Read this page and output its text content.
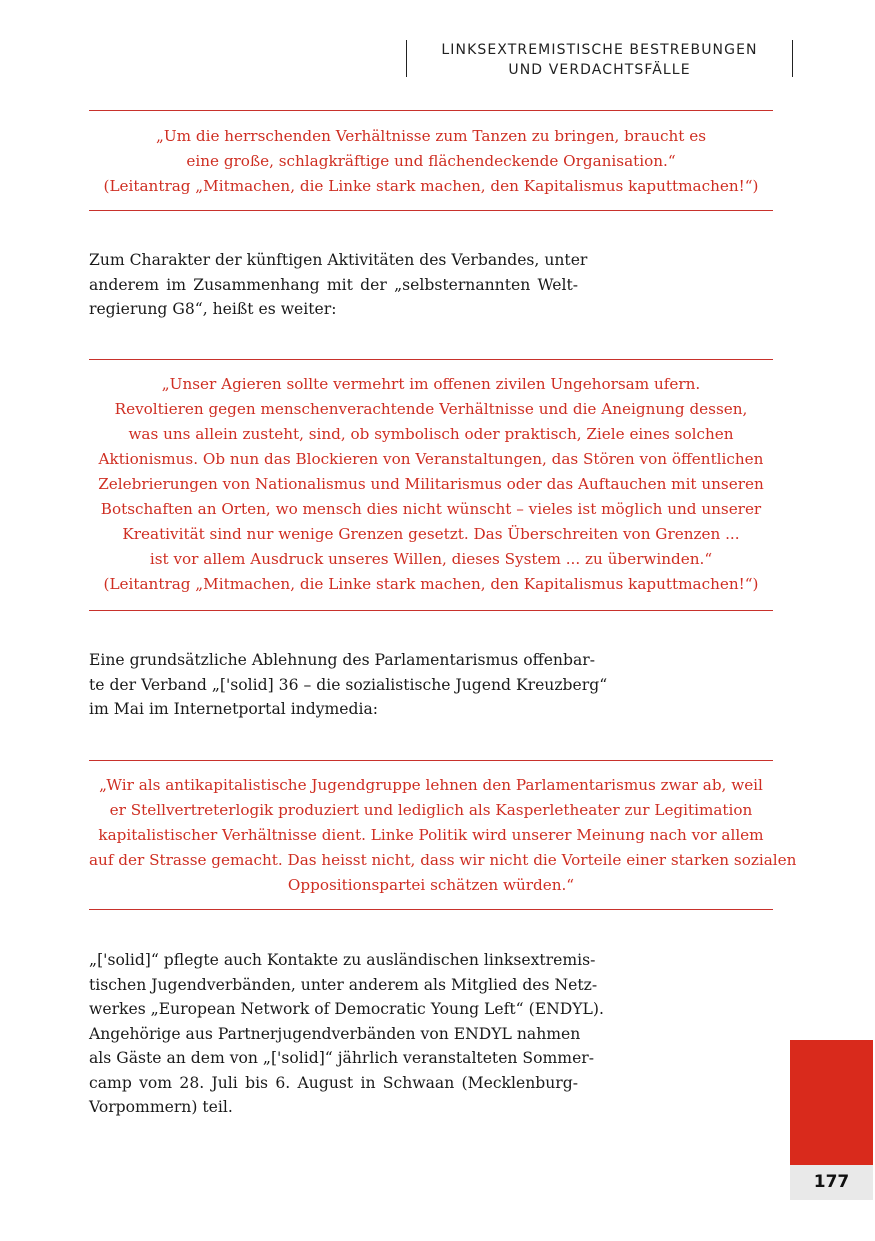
LINKSEXTREMISTISCHE BESTREBUNGEN
UND VERDACHTSFÄLLE
„Um die herrschenden Verhältnisse zum Tanzen zu bringen, braucht es
eine große, schlagkräftige und flächendeckende Organisation.“
(Leitantrag „Mitmachen, die Linke stark machen, den Kapitalismus kaputtmachen!“)
Zum Charakter der künftigen Aktivitäten des Verbandes, unter
anderem im Zusammenhang mit der „selbsternannten Welt-
regierung G8“, heißt es weiter:
„Unser Agieren sollte vermehrt im offenen zivilen Ungehorsam ufern.
Revoltieren gegen menschenverachtende Verhältnisse und die Aneignung dessen,
was uns allein zusteht, sind, ob symbolisch oder praktisch, Ziele eines solchen
Aktionismus. Ob nun das Blockieren von Veranstaltungen, das Stören von öffentlichen
Zelebrierungen von Nationalismus und Militarismus oder das Auftauchen mit unseren
Botschaften an Orten, wo mensch dies nicht wünscht – vieles ist möglich und unserer
Kreativität sind nur wenige Grenzen gesetzt. Das Überschreiten von Grenzen ...
ist vor allem Ausdruck unseres Willen, dieses System ... zu überwinden.“
(Leitantrag „Mitmachen, die Linke stark machen, den Kapitalismus kaputtmachen!“)
Eine grundsätzliche Ablehnung des Parlamentarismus offenbar-
te der Verband „['solid] 36 – die sozialistische Jugend Kreuzberg“
im Mai im Internetportal indymedia:
„Wir als antikapitalistische Jugendgruppe lehnen den Parlamentarismus zwar ab, weil
er Stellvertreterlogik produziert und lediglich als Kasperletheater zur Legitimation
kapitalistischer Verhältnisse dient. Linke Politik wird unserer Meinung nach vor allem
auf der Strasse gemacht. Das heisst nicht, dass wir nicht die Vorteile einer starken sozialen
Oppositionspartei schätzen würden.“
„['solid]“ pflegte auch Kontakte zu ausländischen linksextremis-
tischen Jugendverbänden, unter anderem als Mitglied des Netz-
werkes „European Network of Democratic Young Left“ (ENDYL).
Angehörige aus Partnerjugendverbänden von ENDYL nahmen
als Gäste an dem von „['solid]“ jährlich veranstalteten Sommer-
camp vom 28. Juli bis 6. August in Schwaan (Mecklenburg-
Vorpommern) teil.
177
